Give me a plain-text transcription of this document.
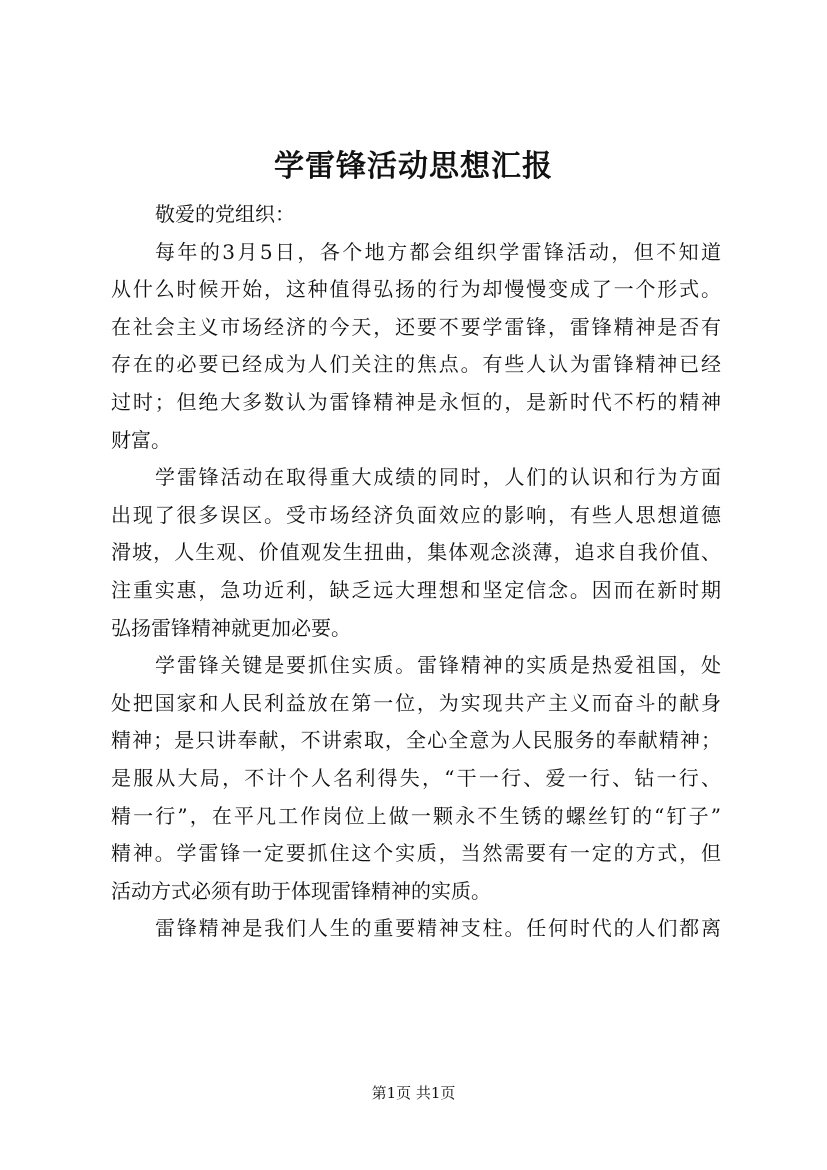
学雷锋活动思想汇报
敬爱的党组织：
每年的3月5日，各个地方都会组织学雷锋活动，但不知道
从什么时候开始，这种值得弘扬的行为却慢慢变成了一个形式。
在社会主义市场经济的今天，还要不要学雷锋，雷锋精神是否有
存在的必要已经成为人们关注的焦点。有些人认为雷锋精神已经
过时；但绝大多数认为雷锋精神是永恒的，是新时代不朽的精神
财富。
学雷锋活动在取得重大成绩的同时，人们的认识和行为方面
出现了很多误区。受市场经济负面效应的影响，有些人思想道德
滑坡，人生观、价值观发生扭曲，集体观念淡薄，追求自我价值、
注重实惠，急功近利，缺乏远大理想和坚定信念。因而在新时期
弘扬雷锋精神就更加必要。
学雷锋关键是要抓住实质。雷锋精神的实质是热爱祖国，处
处把国家和人民利益放在第一位，为实现共产主义而奋斗的献身
精神；是只讲奉献，不讲索取，全心全意为人民服务的奉献精神；
是服从大局，不计个人名利得失，“干一行、爱一行、钻一行、
精一行”，在平凡工作岗位上做一颗永不生锈的螺丝钉的“钉子”
精神。学雷锋一定要抓住这个实质，当然需要有一定的方式，但
活动方式必须有助于体现雷锋精神的实质。
雷锋精神是我们人生的重要精神支柱。任何时代的人们都离
第1页 共1页
